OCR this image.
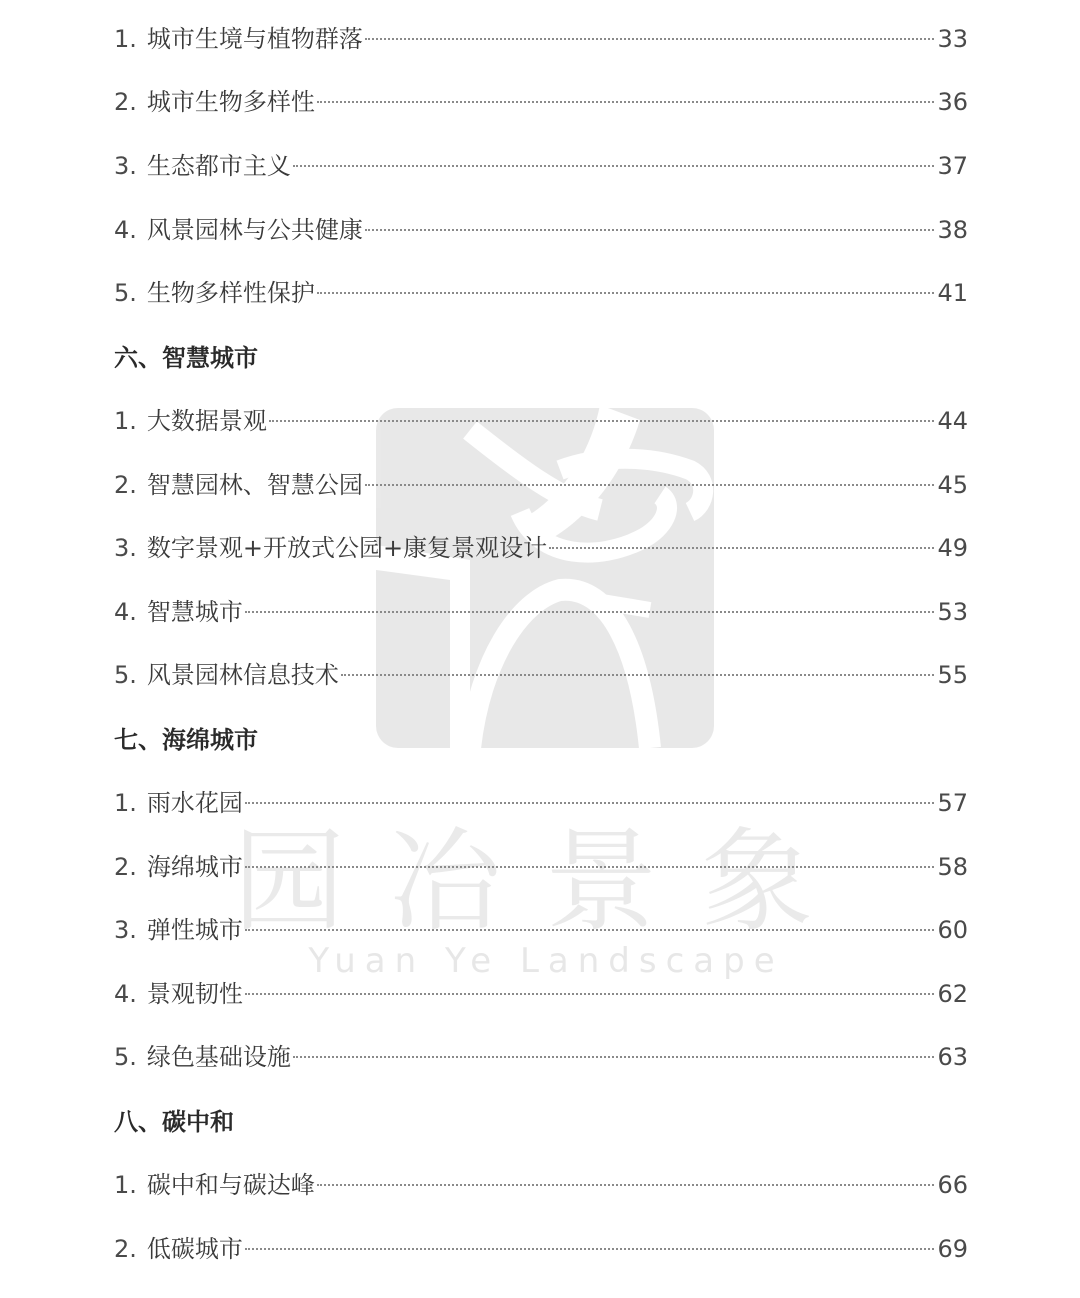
园冶景象
Yuan Ye Landscape
1. 城市生境与植物群落	33
2. 城市生物多样性	36
3. 生态都市主义	37
4. 风景园林与公共健康	38
5. 生物多样性保护	41
六、智慧城市
1. 大数据景观	44
2. 智慧园林、智慧公园	45
3. 数字景观+开放式公园+康复景观设计	49
4. 智慧城市	53
5. 风景园林信息技术	55
七、海绵城市
1. 雨水花园	57
2. 海绵城市	58
3. 弹性城市	60
4. 景观韧性	62
5. 绿色基础设施	63
八、碳中和
1. 碳中和与碳达峰	66
2. 低碳城市	69
